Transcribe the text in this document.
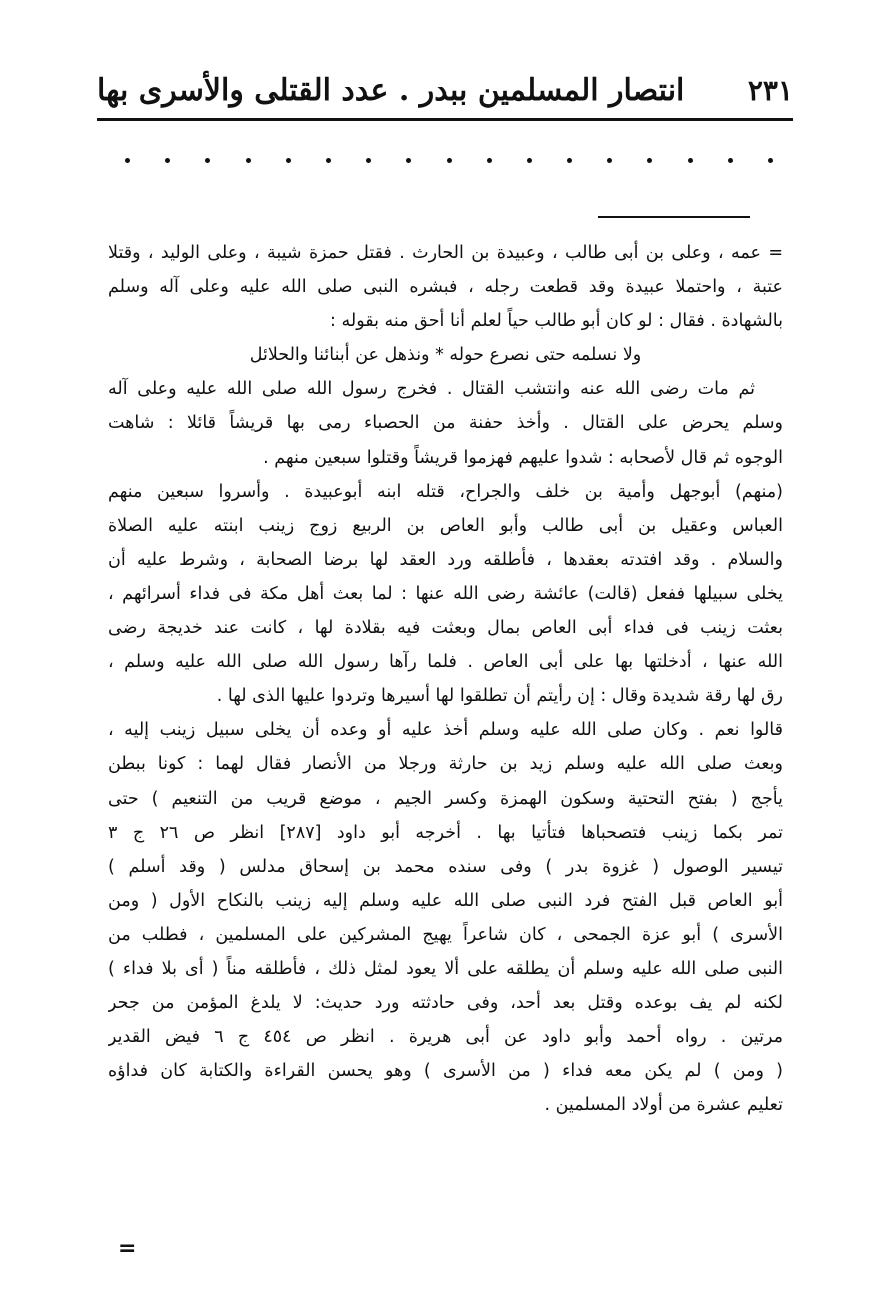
انتصار المسلمين ببدر . عدد القتلى والأسرى بها	٢٣١
= عمه ، وعلى بن أبى طالب ، وعبيدة بن الحارث . فقتل حمزة شيبة ، وعلى الوليد ، وقتلا
عتبة ، واحتملا عبيدة وقد قطعت رجله ، فبشره النبى صلى الله عليه وعلى آله وسلم
بالشهادة . فقال : لو كان أبو طالب حياً لعلم أنا أحق منه بقوله :
ولا نسلمه حتى نصرع حوله * ونذهل عن أبنائنا والحلائل
ثم مات رضى الله عنه وانتشب القتال . فخرج رسول الله صلى الله عليه وعلى آله
وسلم يحرض على القتال . وأخذ حفنة من الحصباء رمى بها قريشاً قائلا : شاهت
الوجوه ثم قال لأصحابه : شدوا عليهم فهزموا قريشاً وقتلوا سبعين منهم .
(منهم) أبوجهل وأمية بن خلف والجراح، قتله ابنه أبوعبيدة . وأسروا سبعين منهم
العباس وعقيل بن أبى طالب وأبو العاص بن الربيع زوج زينب ابنته عليه الصلاة
والسلام . وقد افتدته بعقدها ، فأطلقه ورد العقد لها برضا الصحابة ، وشرط عليه أن
يخلى سبيلها ففعل (قالت) عائشة رضى الله عنها : لما بعث أهل مكة فى فداء أسرائهم ،
بعثت زينب فى فداء أبى العاص بمال وبعثت فيه بقلادة لها ، كانت عند خديجة رضى
الله عنها ، أدخلتها بها على أبى العاص . فلما رآها رسول الله صلى الله عليه وسلم ،
رق لها رقة شديدة وقال : إن رأيتم أن تطلقوا لها أسيرها وتردوا عليها الذى لها .
قالوا نعم . وكان صلى الله عليه وسلم أخذ عليه أو وعده أن يخلى سبيل زينب إليه ،
وبعث صلى الله عليه وسلم زيد بن حارثة ورجلا من الأنصار فقال لهما : كونا ببطن
يأجج ( بفتح التحتية وسكون الهمزة وكسر الجيم ، موضع قريب من التنعيم ) حتى
تمر بكما زينب فتصحباها فتأتيا بها . أخرجه أبو داود [٢٨٧] انظر ص ٢٦ ج ٣
تيسير الوصول ( غزوة بدر ) وفى سنده محمد بن إسحاق مدلس ( وقد أسلم )
أبو العاص قبل الفتح فرد النبى صلى الله عليه وسلم إليه زينب بالنكاح الأول ( ومن
الأسرى ) أبو عزة الجمحى ، كان شاعراً يهيج المشركين على المسلمين ، فطلب من
النبى صلى الله عليه وسلم أن يطلقه على ألا يعود لمثل ذلك ، فأطلقه مناً ( أى بلا فداء )
لكنه لم يف بوعده وقتل بعد أحد، وفى حادثته ورد حديث: لا يلدغ المؤمن من جحر
مرتين . رواه أحمد وأبو داود عن أبى هريرة . انظر ص ٤٥٤ ج ٦ فيض القدير
( ومن ) لم يكن معه فداء ( من الأسرى ) وهو يحسن القراءة والكتابة كان فداؤه
تعليم عشرة من أولاد المسلمين .
=
